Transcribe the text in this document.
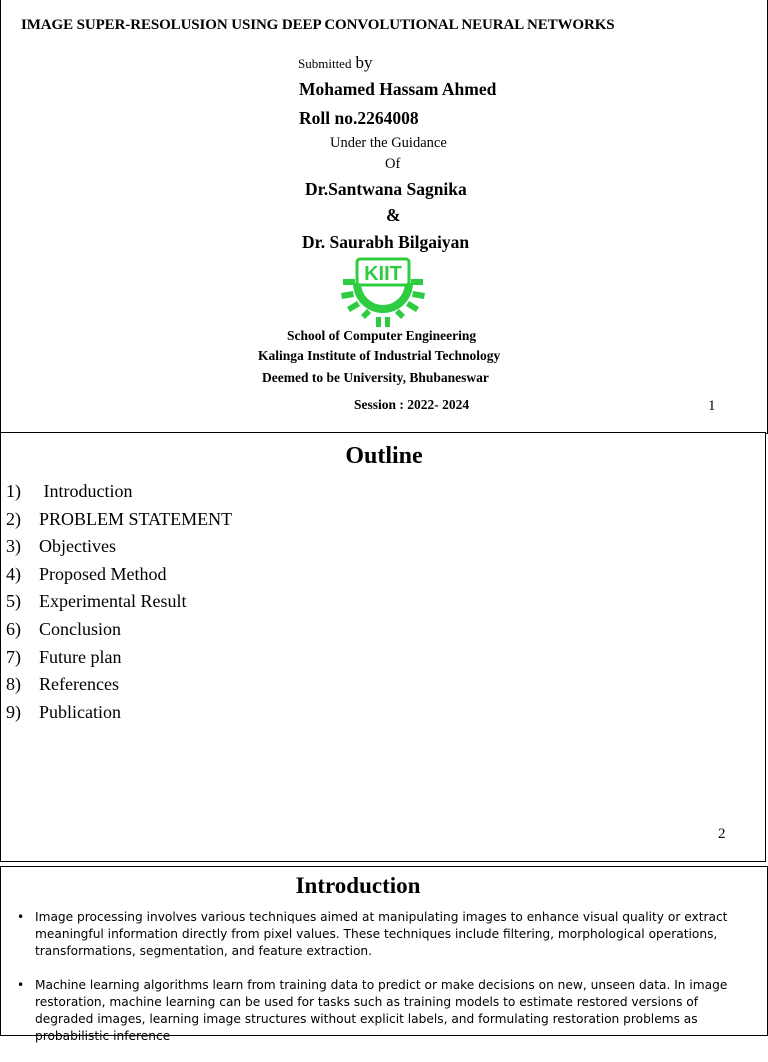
IMAGE SUPER-RESOLUSION USING DEEP CONVOLUTIONAL NEURAL NETWORKS
Submitted by
Mohamed Hassam Ahmed
Roll no.2264008
Under the Guidance
Of
Dr.Santwana Sagnika
&
Dr. Saurabh Bilgaiyan
KIIT
School of Computer Engineering
Kalinga Institute of Industrial Technology
Deemed to be University, Bhubaneswar
Session : 2022- 2024	1
Outline
1) Introduction
2) PROBLEM STATEMENT
3) Objectives
4) Proposed Method
5) Experimental Result
6) Conclusion
7) Future plan
8) References
9) Publication
2
Introduction
• Image processing involves various techniques aimed at manipulating images to enhance visual quality or extract meaningful information directly from pixel values. These techniques include filtering, morphological operations, transformations, segmentation, and feature extraction.
• Machine learning algorithms learn from training data to predict or make decisions on new, unseen data. In image restoration, machine learning can be used for tasks such as training models to estimate restored versions of degraded images, learning image structures without explicit labels, and formulating restoration problems as probabilistic inference
